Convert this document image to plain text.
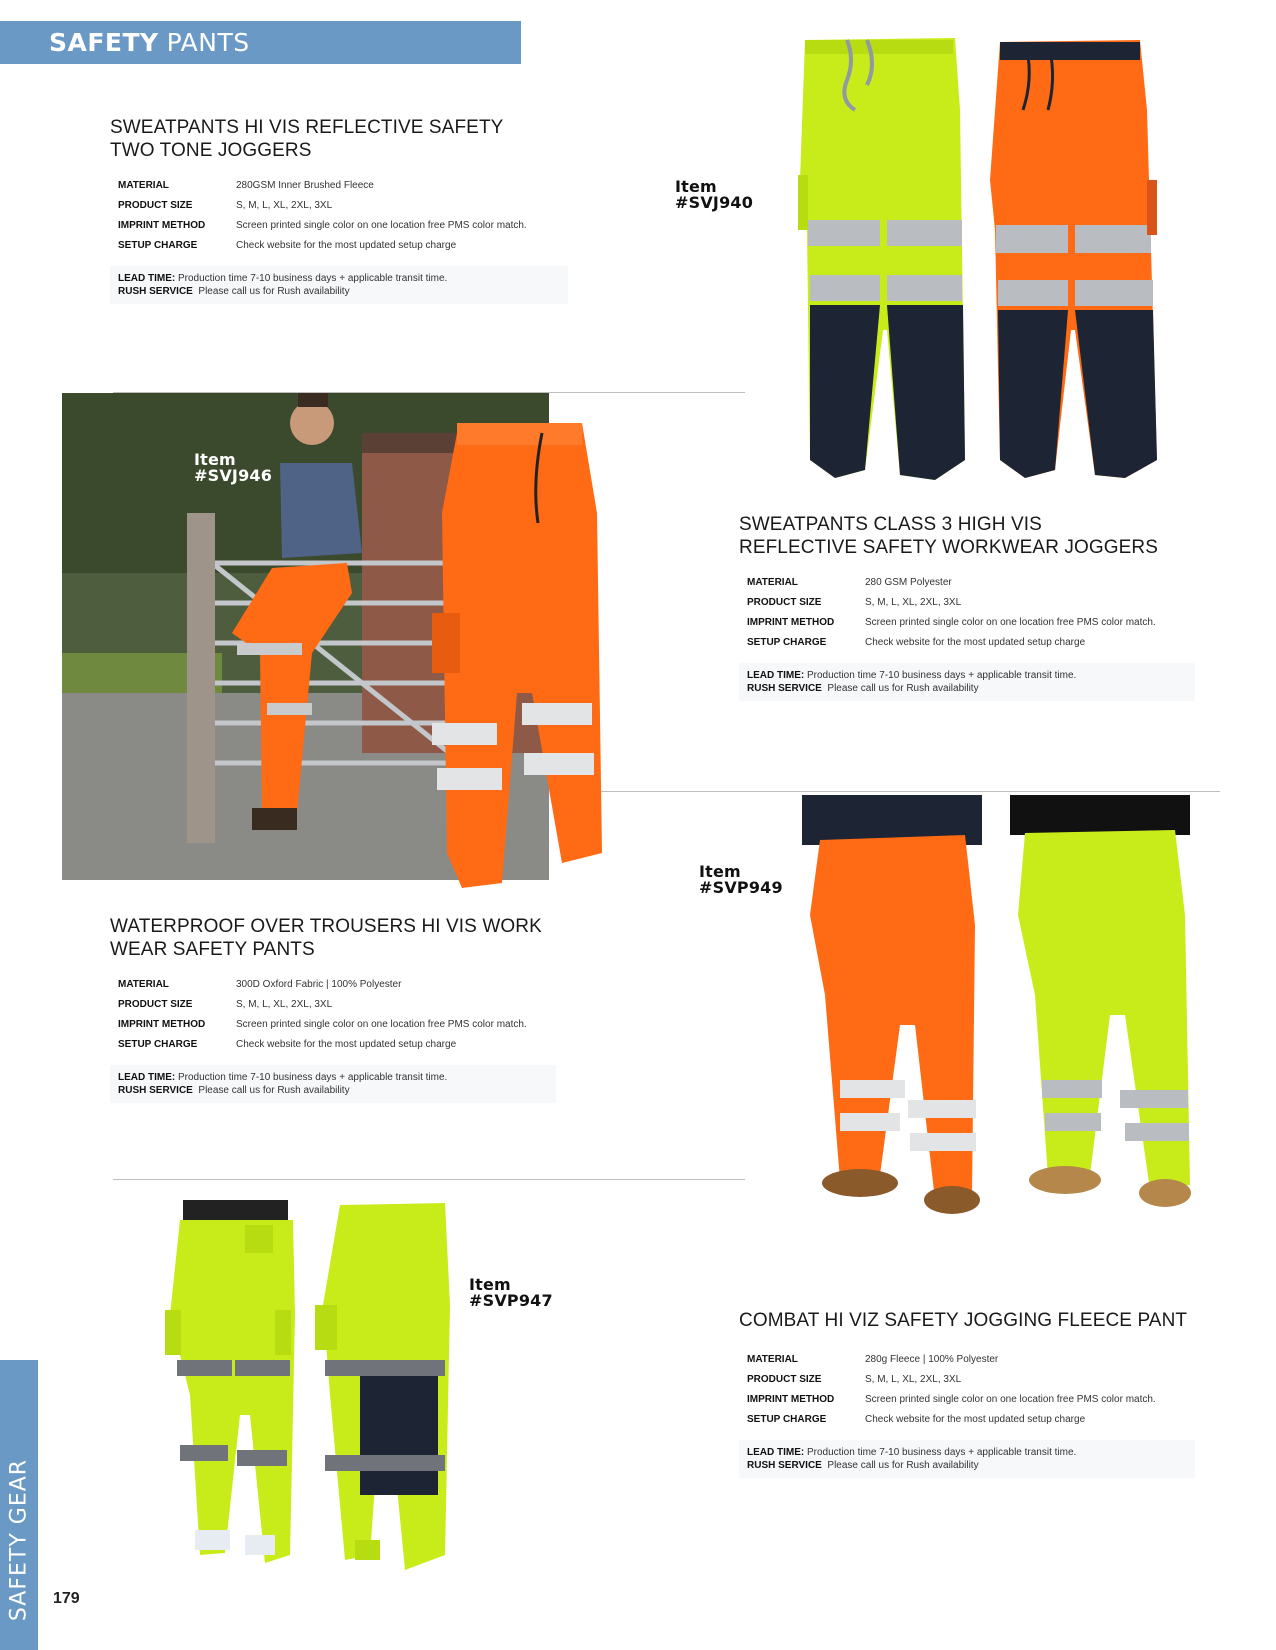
SAFETY PANTS
SAFETY GEAR 179
SWEATPANTS HI VIS REFLECTIVE SAFETY TWO TONE JOGGERS
MATERIAL	280GSM Inner Brushed Fleece
PRODUCT SIZE	S, M, L, XL, 2XL, 3XL
IMPRINT METHOD	Screen printed single color on one location free PMS color match.
SETUP CHARGE	Check website for the most updated setup charge
LEAD TIME: Production time 7-10 business days + applicable transit time.
RUSH SERVICE Please call us for Rush availability
Item
#SVJ940
Item
#SVJ946
SWEATPANTS CLASS 3 HIGH VIS REFLECTIVE SAFETY WORKWEAR JOGGERS
MATERIAL	280 GSM Polyester
PRODUCT SIZE	S, M, L, XL, 2XL, 3XL
IMPRINT METHOD	Screen printed single color on one location free PMS color match.
SETUP CHARGE	Check website for the most updated setup charge
LEAD TIME: Production time 7-10 business days + applicable transit time.
RUSH SERVICE Please call us for Rush availability
Item
#SVP949
WATERPROOF OVER TROUSERS HI VIS WORK WEAR SAFETY PANTS
MATERIAL	300D Oxford Fabric | 100% Polyester
PRODUCT SIZE	S, M, L, XL, 2XL, 3XL
IMPRINT METHOD	Screen printed single color on one location free PMS color match.
SETUP CHARGE	Check website for the most updated setup charge
LEAD TIME: Production time 7-10 business days + applicable transit time.
RUSH SERVICE Please call us for Rush availability
Item
#SVP947
COMBAT HI VIZ SAFETY JOGGING FLEECE PANT
MATERIAL	280g Fleece | 100% Polyester
PRODUCT SIZE	S, M, L, XL, 2XL, 3XL
IMPRINT METHOD	Screen printed single color on one location free PMS color match.
SETUP CHARGE	Check website for the most updated setup charge
LEAD TIME: Production time 7-10 business days + applicable transit time.
RUSH SERVICE Please call us for Rush availability
